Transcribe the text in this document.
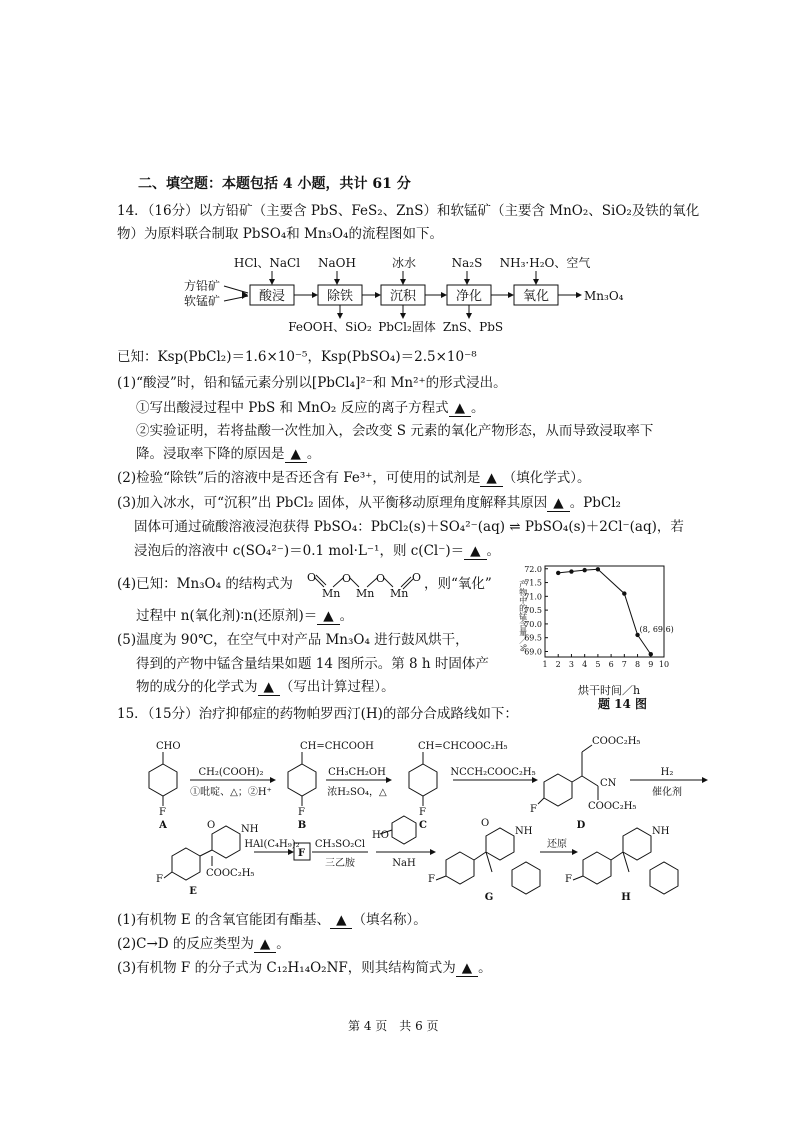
二、填空题：本题包括 4 小题，共计 61 分
14．（16分）以方铅矿（主要含 PbS、FeS₂、ZnS）和软锰矿（主要含 MnO₂、SiO₂及铁的氧化
物）为原料联合制取 PbSO₄和 Mn₃O₄的流程图如下。
方铅矿
软锰矿	酸浸	除铁	沉积	净化	氧化	Mn₃O₄
HCl、NaCl NaOH	冰水	Na₂S NH₃·H₂O、空气
FeOOH、SiO₂ PbCl₂固体 ZnS、PbS
已知：Ksp(PbCl₂)＝1.6×10⁻⁵，Ksp(PbSO₄)＝2.5×10⁻⁸
(1)“酸浸”时，铅和锰元素分别以[PbCl₄]²⁻和 Mn²⁺的形式浸出。
①写出酸浸过程中 PbS 和 MnO₂ 反应的离子方程式 ▲ 。
②实验证明，若将盐酸一次性加入，会改变 S 元素的氧化产物形态，从而导致浸取率下
降。浸取率下降的原因是 ▲ 。
(2)检验“除铁”后的溶液中是否还含有 Fe³⁺，可使用的试剂是 ▲ （填化学式）。
(3)加入冰水，可“沉积”出 PbCl₂ 固体，从平衡移动原理角度解释其原因 ▲ 。PbCl₂
固体可通过硫酸溶液浸泡获得 PbSO₄：PbCl₂(s)＋SO₄²⁻(aq) ⇌ PbSO₄(s)＋2Cl⁻(aq)，若
浸泡后的溶液中 c(SO₄²⁻)＝0.1 mol·L⁻¹，则 c(Cl⁻)＝ ▲ 。
(4)已知：Mn₃O₄ 的结构式为 O
Mn
O
Mn
O
Mn
O ，则“氧化”
过程中 n(氧化剂)∶n(还原剂)＝ ▲ 。
(5)温度为 90℃，在空气中对产品 Mn₃O₄ 进行鼓风烘干，
得到的产物中锰含量结果如题 14 图所示。第 8 h 时固体产
物的成分的化学式为 ▲ （写出计算过程）。
1 2 3 4 5 6 7 8 9 10
69.0
69.5
70.0
70.5
71.0
71.5
72.0
(8, 69.6)
烘干时间／h
题 14 图
产物中的锰含量／%
15．（15分）治疗抑郁症的药物帕罗西汀(H)的部分合成路线如下：
CHO
F
CH=CHCOOH
F
CH=CHCOOC₂H₅
F
COOC₂H₅
CN
COOC₂H₅
F
F
COOC₂H₅
NH
O
F
HO
F
NH
O
F
NH
CH₂(COOH)₂
①吡啶、△；②H⁺
CH₃CH₂OH
浓H₂SO₄，△
NCCH₂COOC₂H₅	H₂
催化剂
HAl(C₄H₉)₂ CH₃SO₂Cl
三乙胺	NaH
还原
A	B	C	D
E
G	H
(1)有机物 E 的含氧官能团有酯基、 ▲ （填名称）。
(2)C→D 的反应类型为 ▲ 。
(3)有机物 F 的分子式为 C₁₂H₁₄O₂NF，则其结构简式为 ▲ 。
第 4 页　共 6 页
